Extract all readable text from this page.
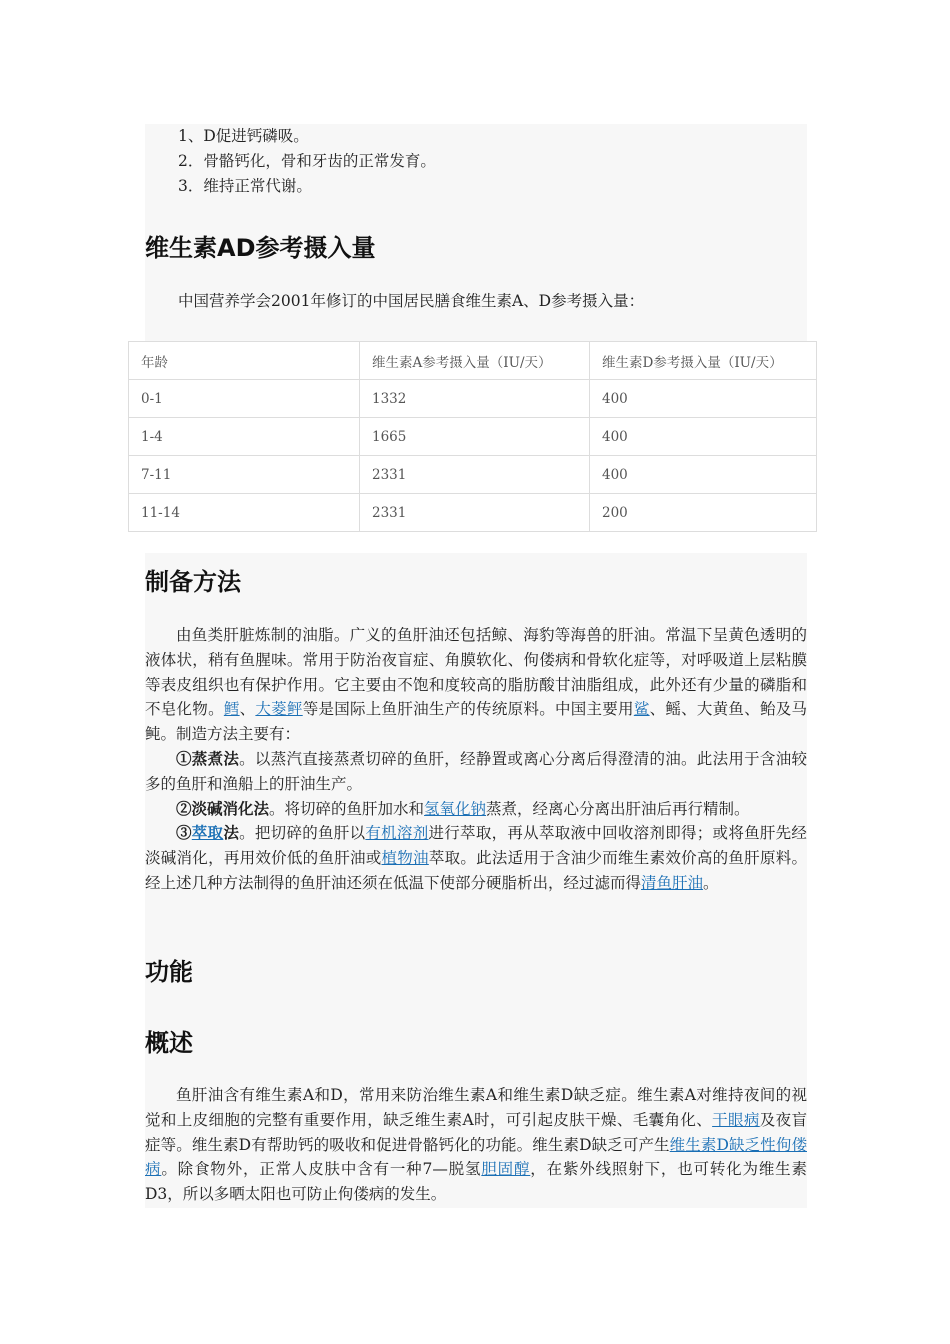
1、D促进钙磷吸。
2．骨骼钙化，骨和牙齿的正常发育。
3．维持正常代谢。
维生素AD参考摄入量
中国营养学会2001年修订的中国居民膳食维生素A、D参考摄入量：
年龄	维生素A参考摄入量（IU/天）	维生素D参考摄入量（IU/天）
0-1	1332	400
1-4	1665	400
7-11	2331	400
11-14	2331	200
制备方法

由鱼类肝脏炼制的油脂。广义的鱼肝油还包括鲸、海豹等海兽的肝油。常温下呈黄色透明的液体状，稍有鱼腥味。常用于防治夜盲症、角膜软化、佝偻病和骨软化症等，对呼吸道上层粘膜等表皮组织也有保护作用。它主要由不饱和度较高的脂肪酸甘油脂组成，此外还有少量的磷脂和不皂化物。鳕、大菱鲆等是国际上鱼肝油生产的传统原料。中国主要用鲨、鳐、大黄鱼、鲐及马鲀。制造方法主要有：

①蒸煮法。以蒸汽直接蒸煮切碎的鱼肝，经静置或离心分离后得澄清的油。此法用于含油较多的鱼肝和渔船上的肝油生产。

②淡碱消化法。将切碎的鱼肝加水和氢氧化钠蒸煮，经离心分离出肝油后再行精制。

③萃取法。把切碎的鱼肝以有机溶剂进行萃取，再从萃取液中回收溶剂即得；或将鱼肝先经淡碱消化，再用效价低的鱼肝油或植物油萃取。此法适用于含油少而维生素效价高的鱼肝原料。经上述几种方法制得的鱼肝油还须在低温下使部分硬脂析出，经过滤而得清鱼肝油。

功能
概述

鱼肝油含有维生素A和D，常用来防治维生素A和维生素D缺乏症。维生素A对维持夜间的视觉和上皮细胞的完整有重要作用，缺乏维生素A时，可引起皮肤干燥、毛囊角化、干眼病及夜盲症等。维生素D有帮助钙的吸收和促进骨骼钙化的功能。维生素D缺乏可产生维生素D缺乏性佝偻病。除食物外，正常人皮肤中含有一种7—脱氢胆固醇，在紫外线照射下，也可转化为维生素D3，所以多晒太阳也可防止佝偻病的发生。
